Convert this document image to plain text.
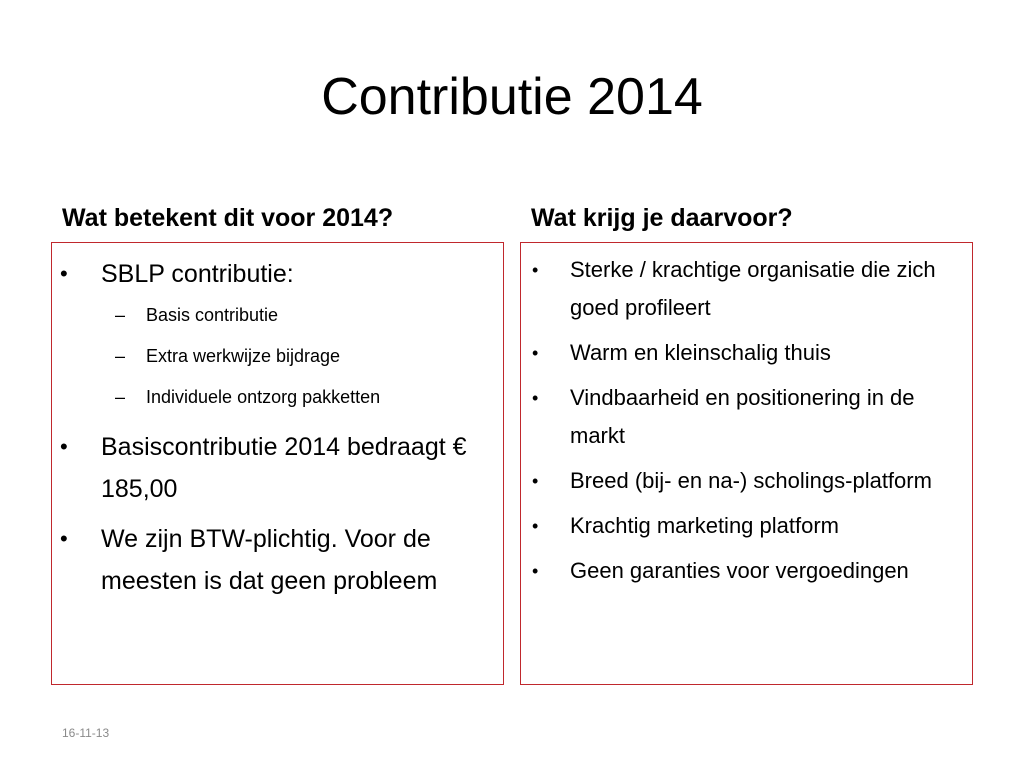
Contributie 2014
Wat betekent dit voor 2014?	Wat krijg je daarvoor?
• SBLP contributie:
– Basis contributie
– Extra werkwijze bijdrage
– Individuele ontzorg pakketten
• Basiscontributie 2014 bedraagt € 185,00
• We zijn BTW-plichtig. Voor de meesten is dat geen probleem
• Sterke / krachtige organisatie die zich goed profileert
• Warm en kleinschalig thuis
• Vindbaarheid en positionering in de markt
• Breed (bij- en na-) scholings-platform
• Krachtig marketing platform
• Geen garanties voor vergoedingen
16-11-13
